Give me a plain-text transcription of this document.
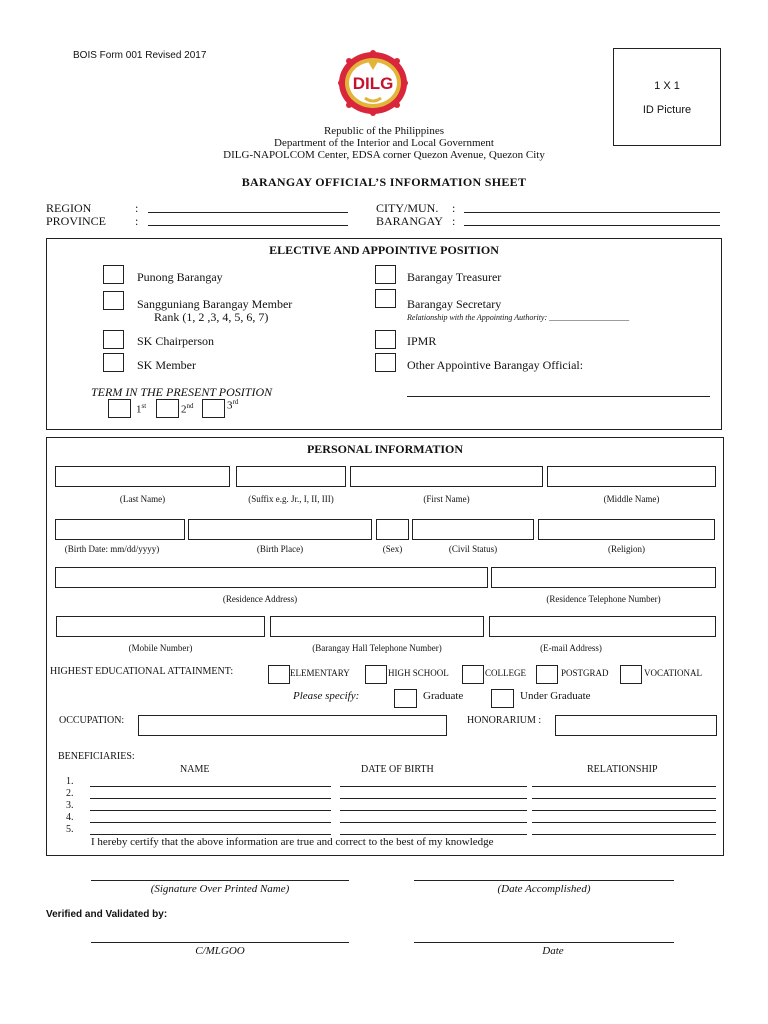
BOIS Form 001 Revised 2017
DILG	1 X 1
ID Picture
Republic of the Philippines
Department of the Interior and Local Government
DILG-NAPOLCOM Center, EDSA corner Quezon Avenue, Quezon City
BARANGAY OFFICIAL’S INFORMATION SHEET
REGION	:
PROVINCE :
CITY/MUN. :
BARANGAY :
ELECTIVE AND APPOINTIVE POSITION
Punong Barangay
Sangguniang Barangay Member
Rank (1, 2 ,3, 4, 5, 6, 7)
SK Chairperson
SK Member
Barangay Treasurer
Barangay Secretary
Relationship with the Appointing Authority: ____________________
IPMR
Other Appointive Barangay Official:
TERM IN THE PRESENT POSITION
1st	2nd	3rd
PERSONAL INFORMATION
(Last Name)	(Suffix e.g. Jr., I, II, III)	(First Name)	(Middle Name)
(Birth Date: mm/dd/yyyy)	(Birth Place)	(Sex)	(Civil Status)	(Religion)
(Residence Address)	(Residence Telephone Number)
(Mobile Number)	(Barangay Hall Telephone Number)	(E-mail Address)
HIGHEST EDUCATIONAL ATTAINMENT:	ELEMENTARY	HIGH SCHOOL	COLLEGE	POSTGRAD	VOCATIONAL
Please specify:	Graduate	Under Graduate
OCCUPATION:	HONORARIUM :
BENEFICIARIES:
NAME	DATE OF BIRTH	RELATIONSHIP
1.
2.
3.
4.
5.
I hereby certify that the above information are true and correct to the best of my knowledge
(Signature Over Printed Name)	(Date Accomplished)
Verified and Validated by:
C/MLGOO	Date
